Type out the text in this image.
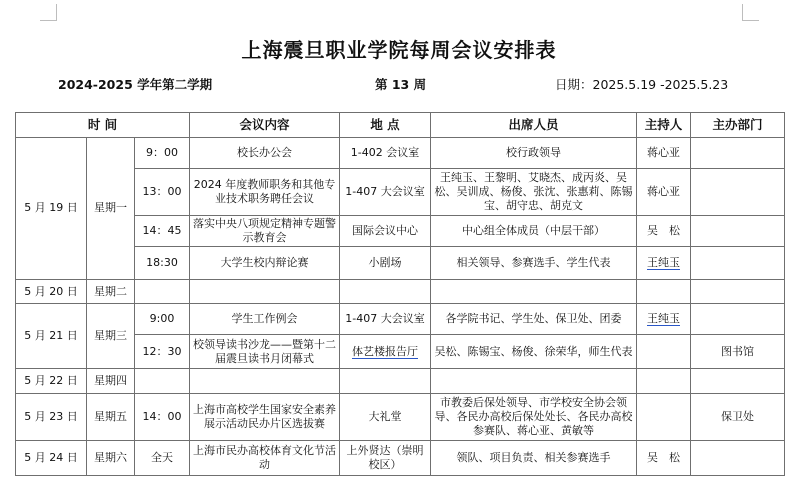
上海震旦职业学院每周会议安排表
2024-2025 学年第二学期	第 13 周	日期：2025.5.19 -2025.5.23
时 间			会议内容	地 点	出席人员	主持人	主办部门
5 月 19 日	星期一	9：00	校长办公会	1-402 会议室	校行政领导	蒋心亚	
		13：00	2024 年度教师职务和其他专业技术职务聘任会议	1-407 大会议室	王纯玉、王黎明、艾晓杰、成丙炎、吴松、吴训成、杨俊、张沈、张惠莉、陈锡宝、胡守忠、胡克文	蒋心亚	
		14：45	落实中央八项规定精神专题警示教育会	国际会议中心	中心组全体成员（中层干部）	吴　松	
		18:30	大学生校内辩论赛	小剧场	相关领导、参赛选手、学生代表	王纯玉	
5 月 20 日	星期二						
5 月 21 日	星期三	9:00	学生工作例会	1-407 大会议室	各学院书记、学生处、保卫处、团委	王纯玉	
		12：30	校领导读书沙龙——暨第十二届震旦读书月闭幕式	体艺楼报告厅	吴松、陈锡宝、杨俊、徐荣华，师生代表		图书馆
5 月 22 日	星期四						
5 月 23 日	星期五	14：00	上海市高校学生国家安全素养展示活动民办片区选拔赛	大礼堂	市教委后保处领导、市学校安全协会领导、各民办高校后保处处长、各民办高校参赛队、蒋心亚、黄敏等		保卫处
5 月 24 日	星期六	全天	上海市民办高校体育文化节活动	上外贤达（崇明校区）	领队、项目负责、相关参赛选手	吴　松	
